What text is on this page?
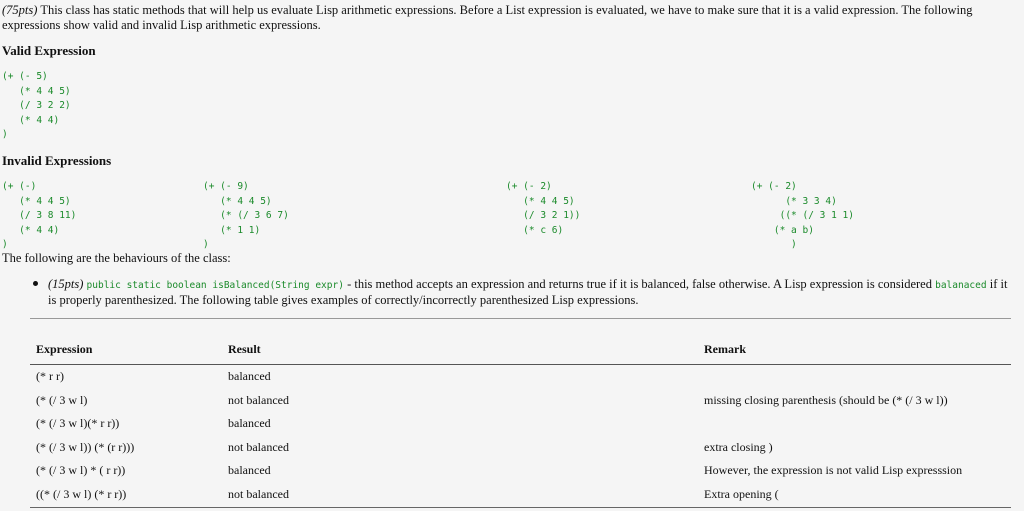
(75pts) This class has static methods that will help us evaluate Lisp arithmetic expressions. Before a List expression is evaluated, we have to make sure that it is a valid expression. The following expressions show valid and invalid Lisp arithmetic expressions.
Valid Expression
(+ (- 5)
(* 4 4 5)
(/ 3 2 2)
(* 4 4)
)
Invalid Expressions
(+ (-)
(* 4 4 5)
(/ 3 8 11)
(* 4 4)
)
(+ (- 9)
(* 4 4 5)
(* (/ 3 6 7)
(* 1 1)
)
(+ (- 2)
(* 4 4 5)
(/ 3 2 1))
(* c 6)
(+ (- 2)
(* 3 3 4)
((* (/ 3 1 1)
(* a b)
)
The following are the behaviours of the class:
(15pts) public static boolean isBalanced(String expr) - this method accepts an expression and returns true if it is balanced, false otherwise. A Lisp expression is considered balanaced if it is properly parenthesized. The following table gives examples of correctly/incorrectly parenthesized Lisp expressions.
Expression	Result	Remark
(* r r)	balanced	
(* (/ 3 w l)	not balanced	missing closing parenthesis (should be (* (/ 3 w l))
(* (/ 3 w l)(* r r))	balanced	
(* (/ 3 w l)) (* (r r)))	not balanced	extra closing )
(* (/ 3 w l) * ( r r))	balanced	However, the expression is not valid Lisp expresssion
((* (/ 3 w l) (* r r))	not balanced	Extra opening (
